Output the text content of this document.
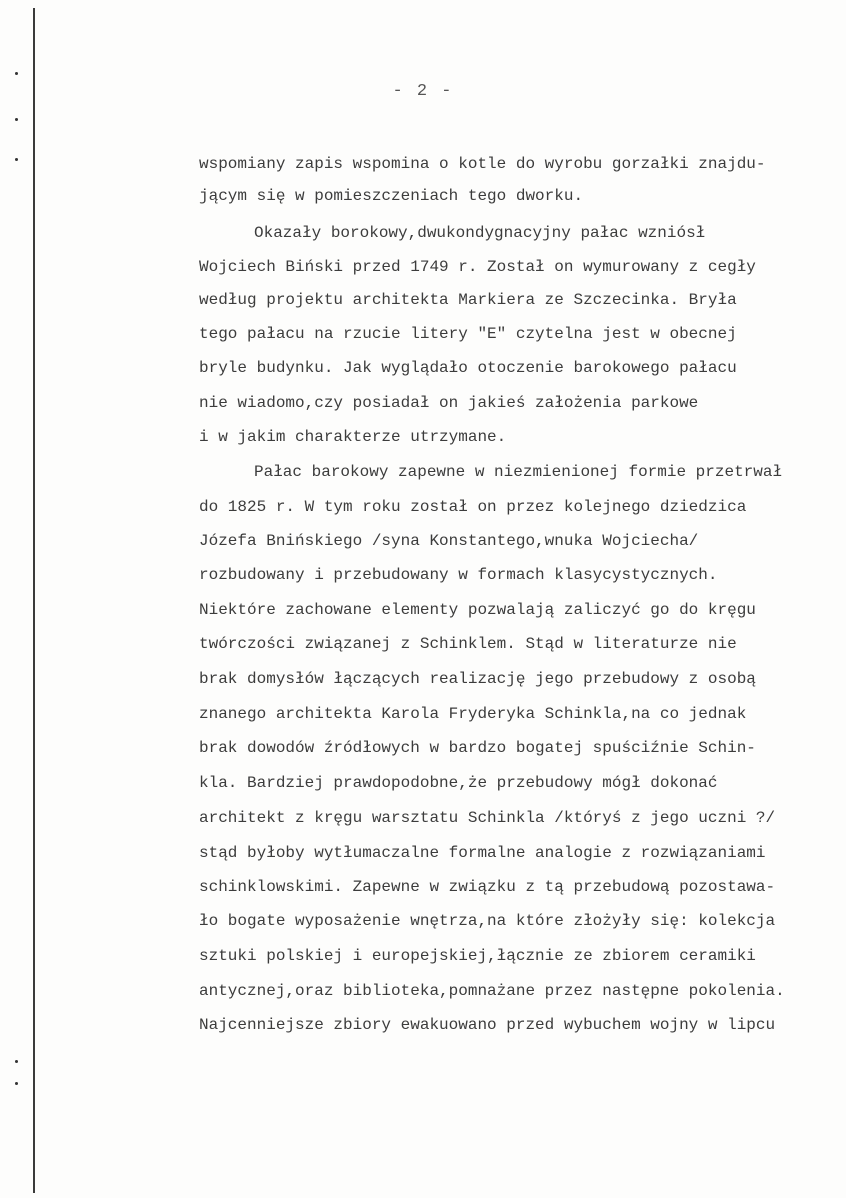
- 2 -
wspomiany zapis wspomina o kotle do wyrobu gorzałki znajdu-
jącym się w pomieszczeniach tego dworku.
Okazały borokowy,dwukondygnacyjny pałac wzniósł
Wojciech Biński przed 1749 r. Został on wymurowany z cegły
według projektu architekta Markiera ze Szczecinka. Bryła
tego pałacu na rzucie litery "E" czytelna jest w obecnej
bryle budynku. Jak wyglądało otoczenie barokowego pałacu
nie wiadomo,czy posiadał on jakieś założenia parkowe
i w jakim charakterze utrzymane.
Pałac barokowy zapewne w niezmienionej formie przetrwał
do 1825 r. W tym roku został on przez kolejnego dziedzica
Józefa Bnińskiego /syna Konstantego,wnuka Wojciecha/
rozbudowany i przebudowany w formach klasycystycznych.
Niektóre zachowane elementy pozwalają zaliczyć go do kręgu
twórczości związanej z Schinklem. Stąd w literaturze nie
brak domysłów łączących realizację jego przebudowy z osobą
znanego architekta Karola Fryderyka Schinkla,na co jednak
brak dowodów źródłowych w bardzo bogatej spuściźnie Schin-
kla. Bardziej prawdopodobne,że przebudowy mógł dokonać
architekt z kręgu warsztatu Schinkla /któryś z jego uczni ?/
stąd byłoby wytłumaczalne formalne analogie z rozwiązaniami
schinklowskimi. Zapewne w związku z tą przebudową pozostawa-
ło bogate wyposażenie wnętrza,na które złożyły się: kolekcja
sztuki polskiej i europejskiej,łącznie ze zbiorem ceramiki
antycznej,oraz biblioteka,pomnażane przez następne pokolenia.
Najcenniejsze zbiory ewakuowano przed wybuchem wojny w lipcu
